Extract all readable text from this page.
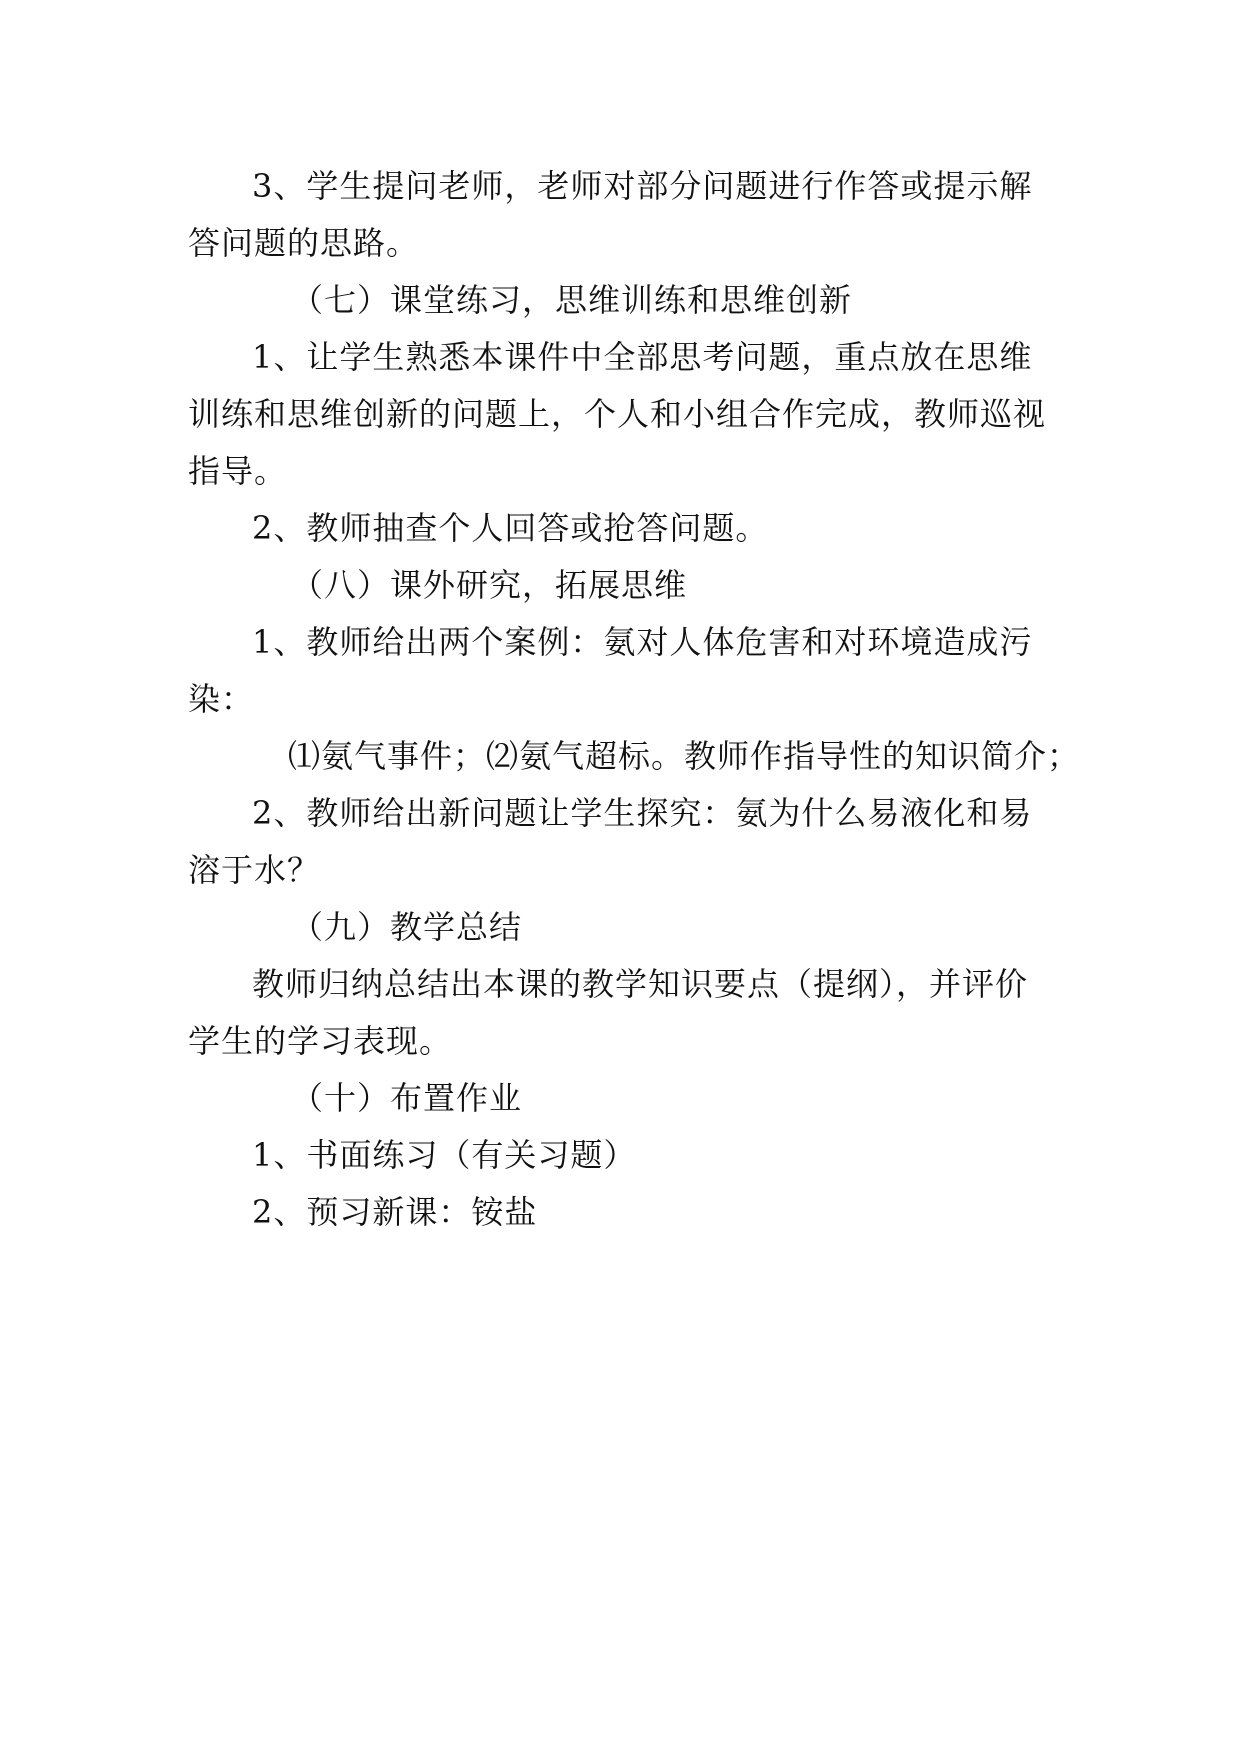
3、学生提问老师，老师对部分问题进行作答或提示解答问题的思路。

（七）课堂练习，思维训练和思维创新

1、让学生熟悉本课件中全部思考问题，重点放在思维训练和思维创新的问题上，个人和小组合作完成，教师巡视指导。

2、教师抽查个人回答或抢答问题。

（八）课外研究，拓展思维

1、教师给出两个案例：氨对人体危害和对环境造成污染：

⑴氨气事件；⑵氨气超标。教师作指导性的知识简介；

2、教师给出新问题让学生探究：氨为什么易液化和易溶于水？

（九）教学总结

教师归纳总结出本课的教学知识要点（提纲），并评价学生的学习表现。

（十）布置作业

1、书面练习（有关习题）

2、预习新课：铵盐
